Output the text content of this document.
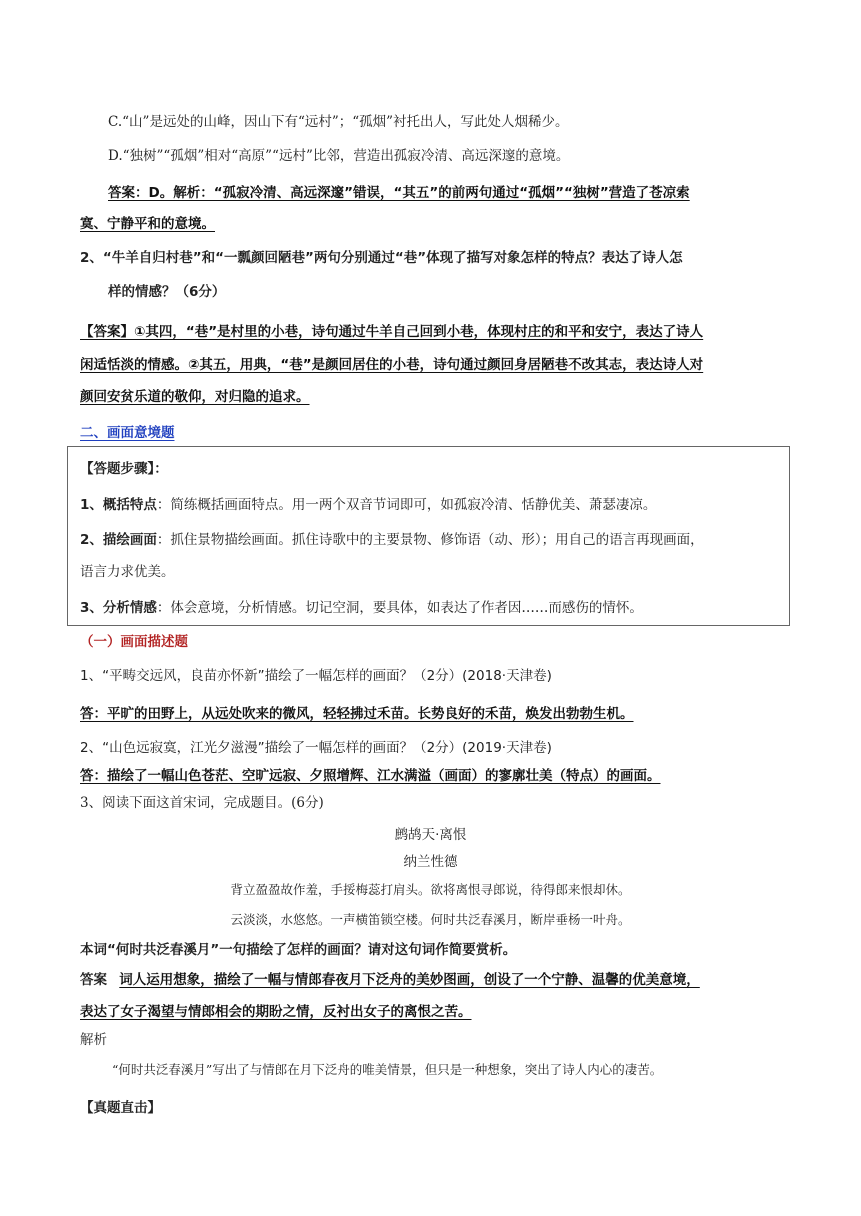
C.“山”是远处的山峰，因山下有“远村”；“孤烟”衬托出人，写此处人烟稀少。
D.“独树”“孤烟”相对“高原”“远村”比邻，营造出孤寂冷清、高远深邃的意境。
答案：D。解析：“孤寂冷清、高远深邃”错误，“其五”的前两句通过“孤烟”“独树”营造了苍凉索
寞、宁静平和的意境。
2、“牛羊自归村巷”和“一瓢颜回陋巷”两句分别通过“巷”体现了描写对象怎样的特点？表达了诗人怎
样的情感？（6分）
【答案】①其四，“巷”是村里的小巷，诗句通过牛羊自己回到小巷，体现村庄的和平和安宁，表达了诗人
闲适恬淡的情感。②其五，用典，“巷”是颜回居住的小巷，诗句通过颜回身居陋巷不改其志，表达诗人对
颜回安贫乐道的敬仰，对归隐的追求。
二、画面意境题
【答题步骤】：
1、概括特点：简练概括画面特点。用一两个双音节词即可，如孤寂冷清、恬静优美、萧瑟凄凉。
2、描绘画面：抓住景物描绘画面。抓住诗歌中的主要景物、修饰语（动、形）；用自己的语言再现画面，
语言力求优美。
3、分析情感：体会意境，分析情感。切记空洞，要具体，如表达了作者因……而感伤的情怀。
（一）画面描述题
1、“平畴交远风，良苗亦怀新”描绘了一幅怎样的画面？（2分）(2018·天津卷)
答：平旷的田野上，从远处吹来的微风，轻轻拂过禾苗。长势良好的禾苗，焕发出勃勃生机。
2、“山色远寂寞，江光夕滋漫”描绘了一幅怎样的画面？（2分）(2019·天津卷)
答：描绘了一幅山色苍茫、空旷远寂、夕照增辉、江水满溢（画面）的寥廓壮美（特点）的画面。
3、阅读下面这首宋词，完成题目。(6分)
鹧鸪天·离恨
纳兰性德
背立盈盈故作羞，手挼梅蕊打肩头。欲将离恨寻郎说，待得郎来恨却休。
云淡淡，水悠悠。一声横笛锁空楼。何时共泛春溪月，断岸垂杨一叶舟。
本词“何时共泛春溪月”一句描绘了怎样的画面？请对这句词作简要赏析。
答案 词人运用想象，描绘了一幅与情郎春夜月下泛舟的美妙图画，创设了一个宁静、温馨的优美意境，
表达了女子渴望与情郎相会的期盼之情，反衬出女子的离恨之苦。
解析
“何时共泛春溪月”写出了与情郎在月下泛舟的唯美情景，但只是一种想象，突出了诗人内心的凄苦。
【真题直击】
